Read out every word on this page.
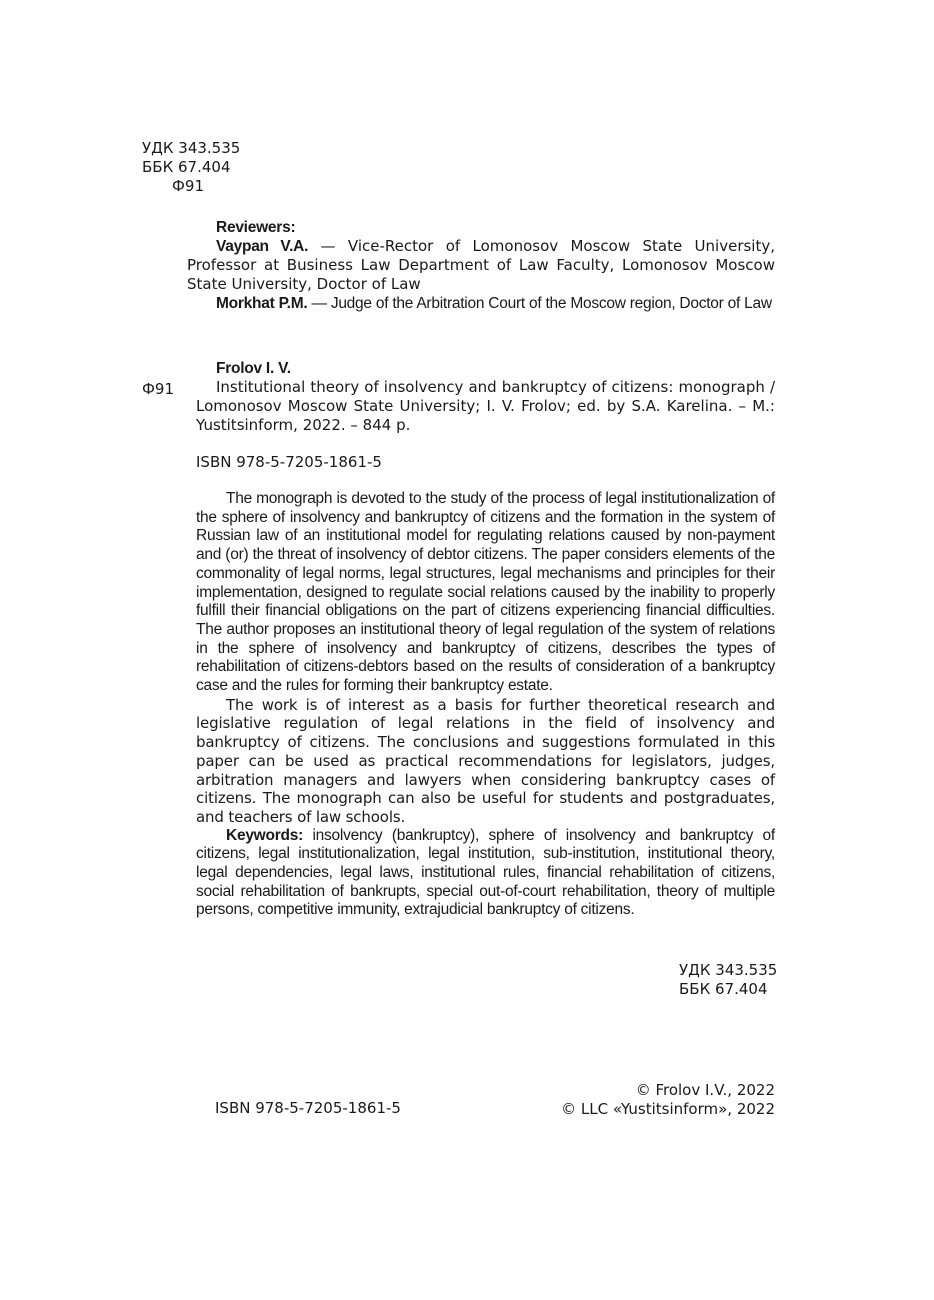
УДК 343.535
ББК 67.404
Ф91
Reviewers:
Vaypan V.A. — Vice-Rector of Lomonosov Moscow State University, Professor at Business Law Department of Law Faculty, Lomonosov Moscow State University, Doctor of Law
Morkhat P.M. — Judge of the Arbitration Court of the Moscow region, Doctor of Law
Frolov I. V.
Ф91	Institutional theory of insolvency and bankruptcy of citizens: monograph / Lomonosov Moscow State University; I. V. Frolov; ed. by S.A. Karelina. – M.: Yustitsinform, 2022. – 844 p.
ISBN 978-5-7205-1861-5
The monograph is devoted to the study of the process of legal institutionalization of the sphere of insolvency and bankruptcy of citizens and the formation in the system of Russian law of an institutional model for regulating relations caused by non-payment and (or) the threat of insolvency of debtor citizens. The paper considers elements of the commonality of legal norms, legal structures, legal mechanisms and principles for their implementation, designed to regulate social relations caused by the inability to properly fulfill their financial obligations on the part of citizens experiencing financial difficulties. The author proposes an institutional theory of legal regulation of the system of relations in the sphere of insolvency and bankruptcy of citizens, describes the types of rehabilitation of citizens-debtors based on the results of consideration of a bankruptcy case and the rules for forming their bankruptcy estate.
The work is of interest as a basis for further theoretical research and legislative regulation of legal relations in the field of insolvency and bankruptcy of citizens. The conclusions and suggestions formulated in this paper can be used as practical recommendations for legislators, judges, arbitration managers and lawyers when considering bankruptcy cases of citizens. The monograph can also be useful for students and postgraduates, and teachers of law schools.
Keywords: insolvency (bankruptcy), sphere of insolvency and bankruptcy of citizens, legal institutionalization, legal institution, sub-institution, institutional theory, legal dependencies, legal laws, institutional rules, financial rehabilitation of citizens, social rehabilitation of bankrupts, special out-of-court rehabilitation, theory of multiple persons, competitive immunity, extrajudicial bankruptcy of citizens.
УДК 343.535
ББК 67.404
ISBN 978-5-7205-1861-5
© Frolov I.V., 2022
© LLC «Yustitsinform», 2022
